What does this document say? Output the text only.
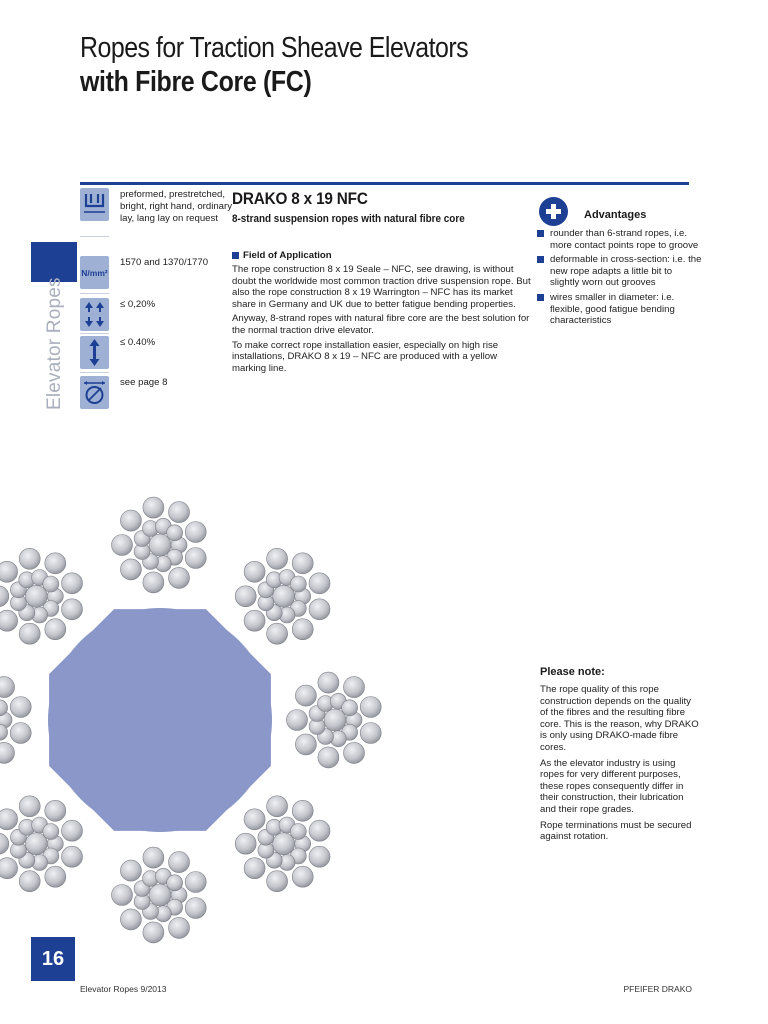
Ropes for Traction Sheave Elevators
with Fibre Core (FC)
Elevator Ropes
preformed, prestretched, bright, right hand, ordinary lay, lang lay on request
N/mm²
1570 and 1370/1770
≤ 0,20%
≤ 0.40%
see page 8
DRAKO 8 x 19 NFC
8-strand suspension ropes with natural fibre core
Field of Application

The rope construction 8 x 19 Seale – NFC, see drawing, is without doubt the worldwide most common traction drive suspension rope. But also the rope construction 8 x 19 Warrington – NFC has its market share in Germany and UK due to better fatigue bending properties.

Anyway, 8-strand ropes with natural fibre core are the best solution for the normal traction drive elevator.

To make correct rope installation easier, especially on high rise installations, DRAKO 8 x 19 – NFC are produced with a yellow marking line.

Advantages
rounder than 6-strand ropes, i.e. more contact points rope to groove
deformable in cross-section: i.e. the new rope adapts a little bit to slightly worn out grooves
wires smaller in diameter: i.e. flexible, good fatigue bending characteristics
Please note:

The rope quality of this rope construction depends on the quality of the fibres and the resulting fibre core. This is the reason, why DRAKO is only using DRAKO-made fibre cores.

As the elevator industry is using ropes for very different purposes, these ropes consequently differ in their construction, their lubrication and their rope grades.

Rope terminations must be secured against rotation.

16
Elevator Ropes 9/2013	PFEIFER DRAKO
